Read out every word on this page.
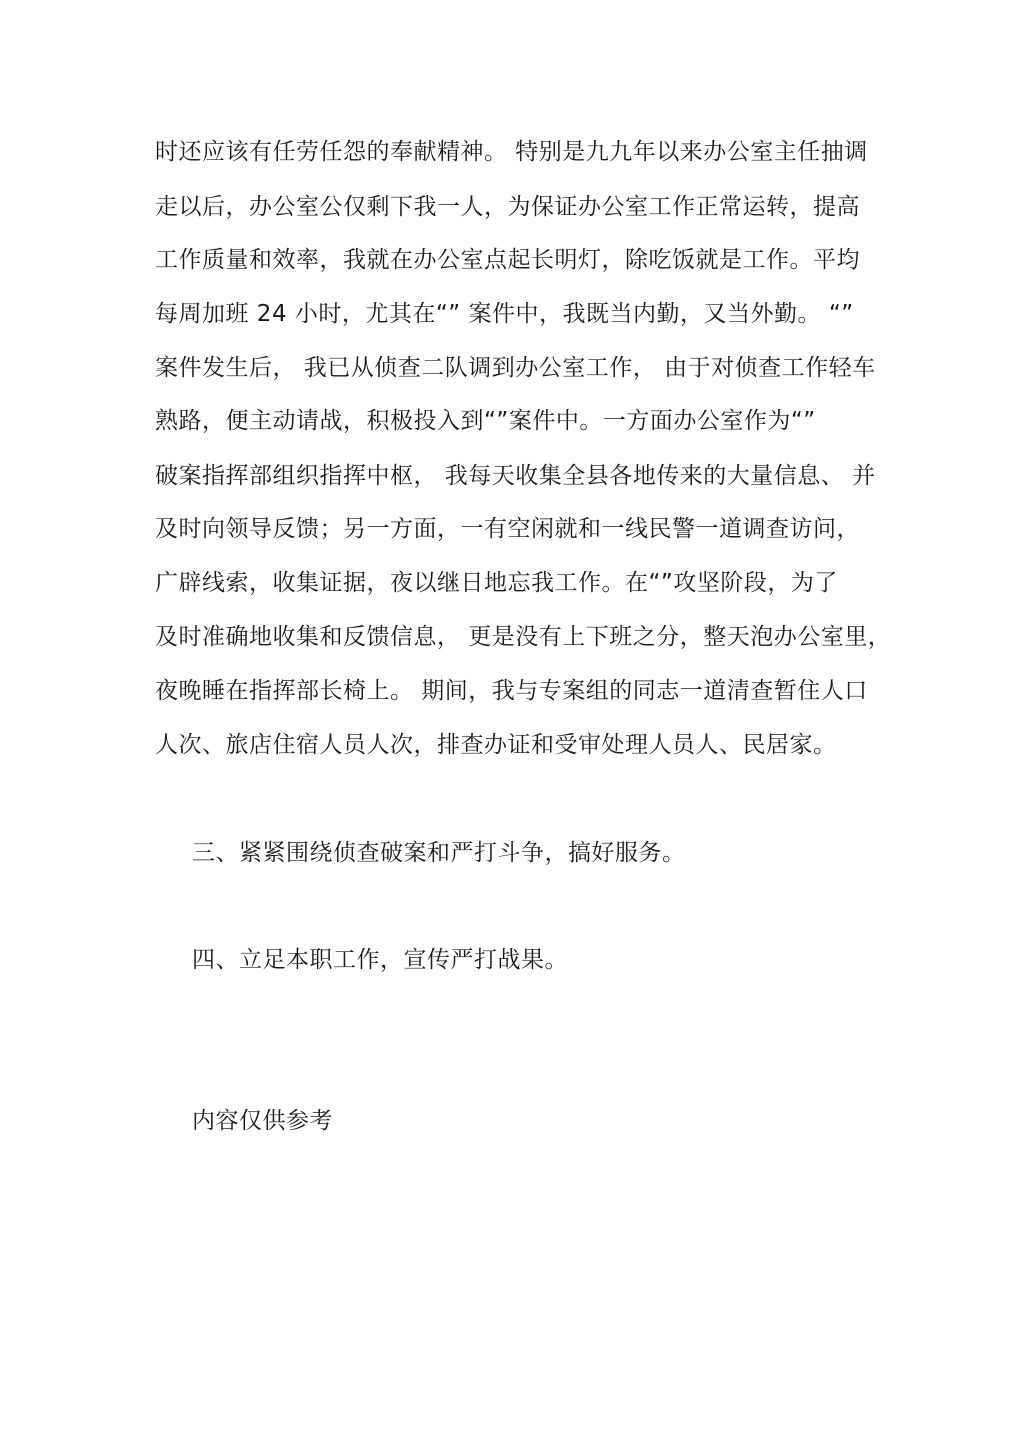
时还应该有任劳任怨的奉献精神。 特别是九九年以来办公室主任抽调
走以后，办公室公仅剩下我一人，为保证办公室工作正常运转，提高
工作质量和效率，我就在办公室点起长明灯，除吃饭就是工作。平均
每周加班 24 小时，尤其在“” 案件中，我既当内勤，又当外勤。 “”
案件发生后， 我已从侦查二队调到办公室工作， 由于对侦查工作轻车
熟路，便主动请战，积极投入到“”案件中。一方面办公室作为“”
破案指挥部组织指挥中枢， 我每天收集全县各地传来的大量信息、 并
及时向领导反馈；另一方面，一有空闲就和一线民警一道调查访问，
广辟线索，收集证据，夜以继日地忘我工作。在“”攻坚阶段，为了
及时准确地收集和反馈信息， 更是没有上下班之分，整天泡办公室里，
夜晚睡在指挥部长椅上。 期间，我与专案组的同志一道清查暂住人口
人次、旅店住宿人员人次，排查办证和受审处理人员人、民居家。
三、紧紧围绕侦查破案和严打斗争，搞好服务。
四、立足本职工作，宣传严打战果。
内容仅供参考
